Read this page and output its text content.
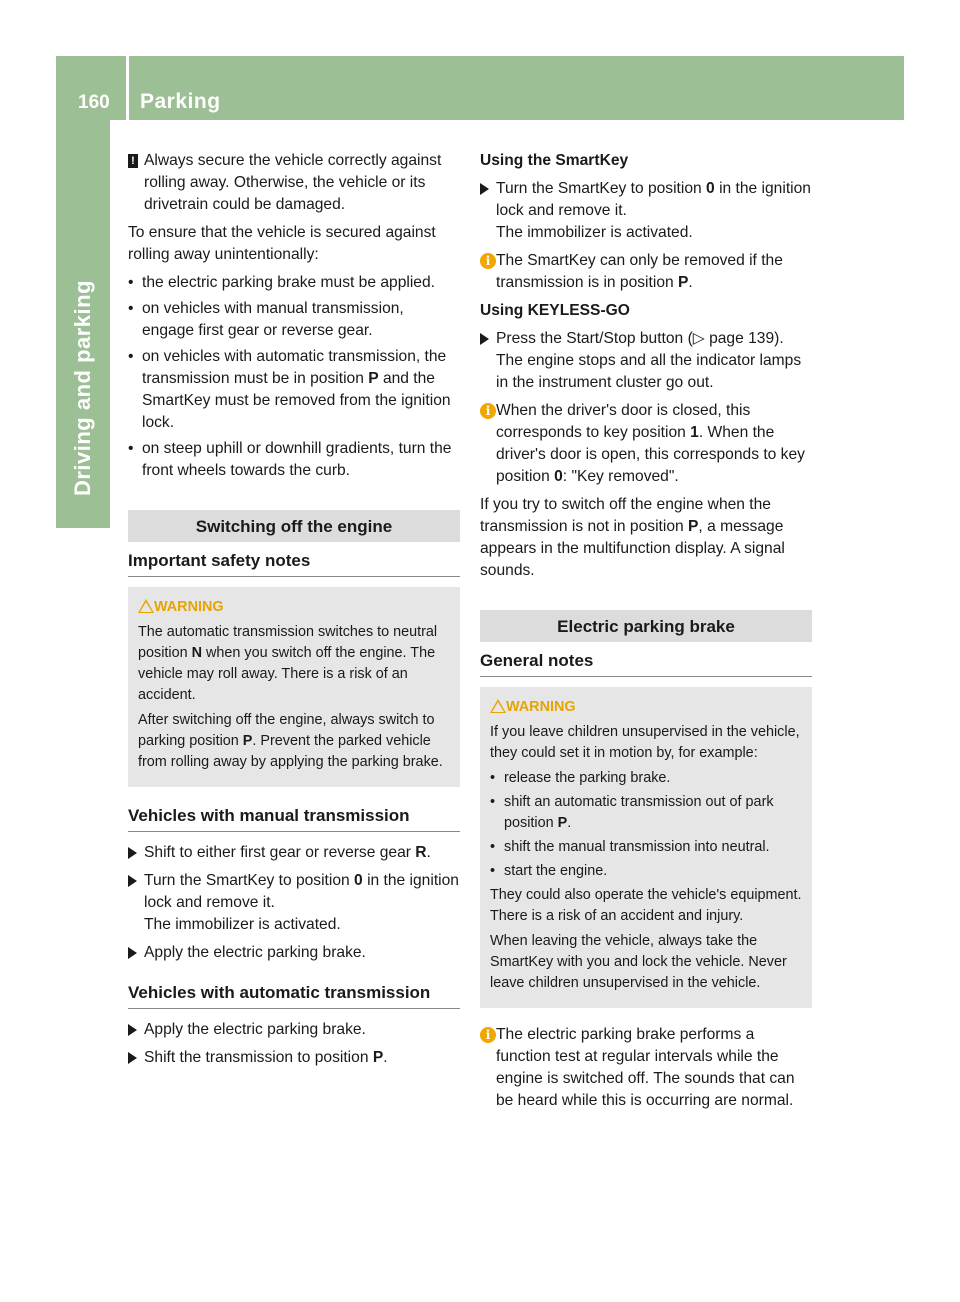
160 Parking
Driving and parking

! Always secure the vehicle correctly against rolling away. Otherwise, the vehicle or its drivetrain could be damaged.

To ensure that the vehicle is secured against rolling away unintentionally:

• the electric parking brake must be applied.
• on vehicles with manual transmission, engage first gear or reverse gear.
• on vehicles with automatic transmission, the transmission must be in position P and the SmartKey must be removed from the ignition lock.
• on steep uphill or downhill gradients, turn the front wheels towards the curb.
Switching off the engine
Important safety notes
WARNING

The automatic transmission switches to neutral position N when you switch off the engine. The vehicle may roll away. There is a risk of an accident.

After switching off the engine, always switch to parking position P. Prevent the parked vehicle from rolling away by applying the parking brake.

Vehicles with manual transmission
Shift to either first gear or reverse gear R.
Turn the SmartKey to position 0 in the ignition lock and remove it.
The immobilizer is activated.
Apply the electric parking brake.
Vehicles with automatic transmission
Apply the electric parking brake.
Shift the transmission to position P.
Using the SmartKey
Turn the SmartKey to position 0 in the ignition lock and remove it.
The immobilizer is activated.
i The SmartKey can only be removed if the transmission is in position P.
Using KEYLESS-GO
Press the Start/Stop button (▷ page 139).
The engine stops and all the indicator lamps in the instrument cluster go out.
i When the driver's door is closed, this corresponds to key position 1. When the driver's door is open, this corresponds to key position 0: "Key removed".

If you try to switch off the engine when the transmission is not in position P, a message appears in the multifunction display. A signal sounds.

Electric parking brake
General notes
WARNING

If you leave children unsupervised in the vehicle, they could set it in motion by, for example:

• release the parking brake.
• shift an automatic transmission out of park position P.
• shift the manual transmission into neutral.
• start the engine.

They could also operate the vehicle's equipment. There is a risk of an accident and injury.

When leaving the vehicle, always take the SmartKey with you and lock the vehicle. Never leave children unsupervised in the vehicle.

i The electric parking brake performs a function test at regular intervals while the engine is switched off. The sounds that can be heard while this is occurring are normal.
